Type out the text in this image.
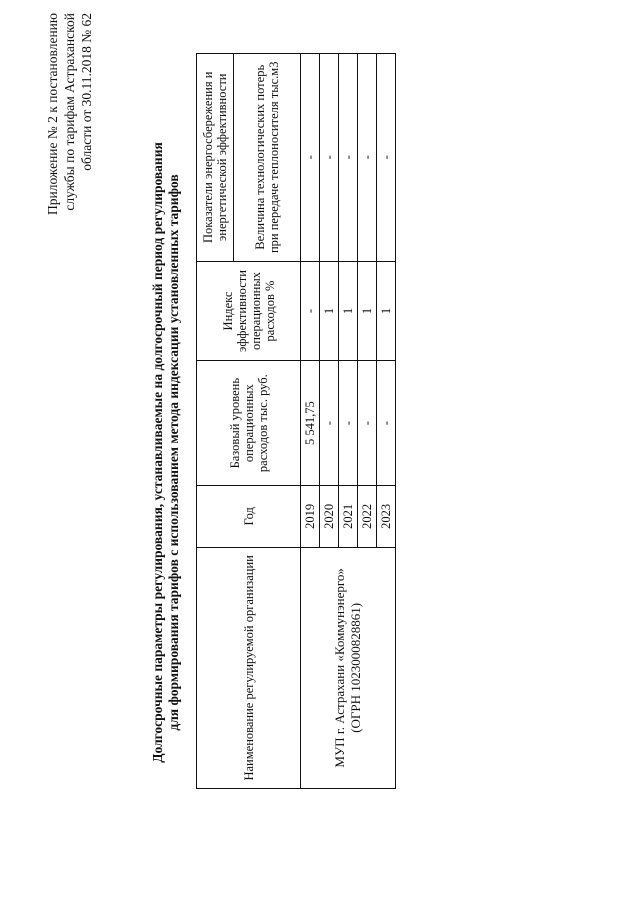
Приложение № 2 к постановлению службы по тарифам Астраханской области от 30.11.2018 № 62
Долгосрочные параметры регулирования, устанавливаемые на долгосрочный период регулирования для формирования тарифов с использованием метода индексации установленных тарифов	Наименование регулируемой организации	Год	Базовый уровень операционных расходов тыс. руб.	Индекс эффективности операционных расходов %	Показатели энергосбережения и энергетической эффективности
				Величина технологических потерь при передаче теплоносителя тыс.м3
МУП г. Астрахани «Коммунэнерго» (ОГРН 1023000828861)	2019	5 541,75	-	-
	2020	-	1	-
	2021	-	1	-
	2022	-	1	-
	2023	-	1	-
